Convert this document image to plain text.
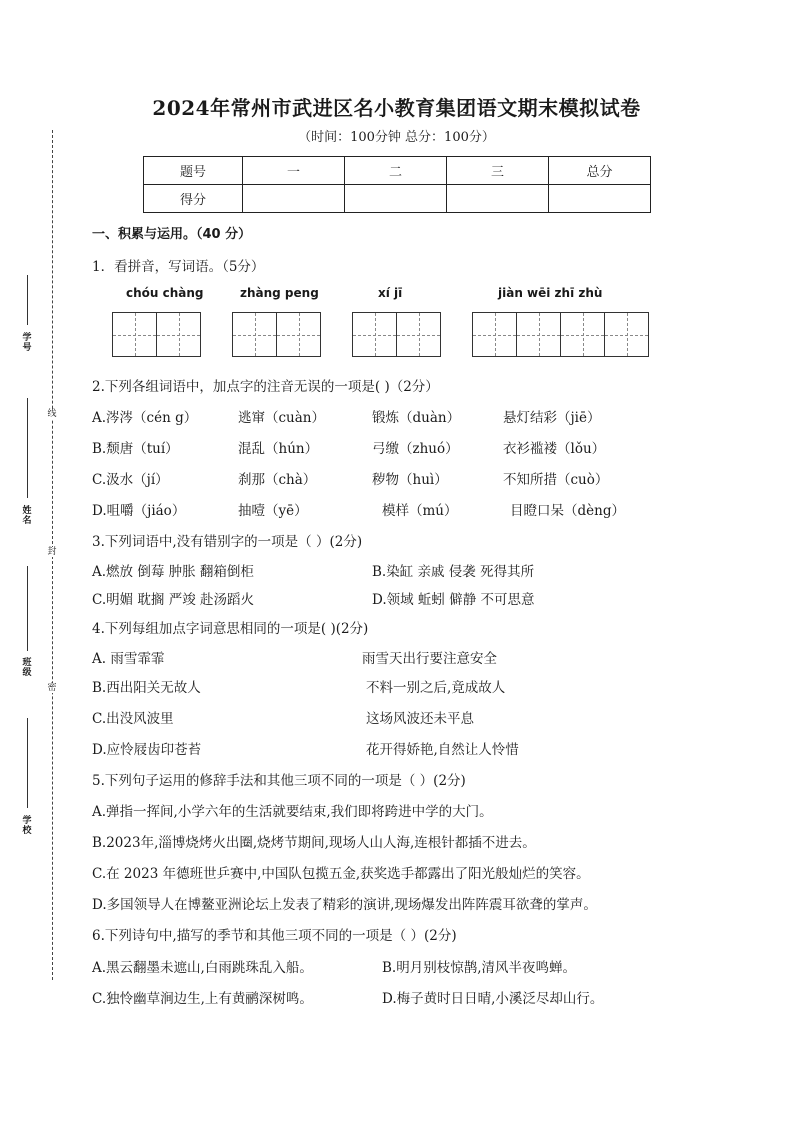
线
封
密
学号
姓名
班级
学校
2024年常州市武进区名小教育集团语文期末模拟试卷
（时间：100分钟 总分：100分）
题号	一	二	三	总分
得分				
一、积累与运用。（40 分）
1．看拼音，写词语。（5分）
chóu chàng	zhàng peng	xí jī	jiàn wēi zhī zhù
2.下列各组词语中，加点字的注音无误的一项是( )（2分）
A.涔涔（cén g）	逃窜（cuàn）	锻炼（duàn）	悬灯结彩（jiē）
B.颓唐（tuí）	混乱（hún）	弓缴（zhuó）	衣衫褴褛（lǒu）
C.汲水（jí）	刹那（chà）	秽物（huì）	不知所措（cuò）
D.咀嚼（jiáo）	抽噎（yē）	模样（mú）	目瞪口呆（dèng）
3.下列词语中,没有错别字的一项是（ ）(2分)
A.燃放 倒莓 肿胀 翻箱倒柜	B.染缸 亲戚 侵袭 死得其所
C.明媚 耽搁 严竣 赴汤蹈火	D.领域 蚯蚓 僻静 不可思意
4.下列每组加点字词意思相同的一项是( )(2分)
A. 雨雪霏霏	雨雪天出行要注意安全
B.西出阳关无故人	不料一别之后,竟成故人
C.出没风波里	这场风波还未平息
D.应怜屐齿印苍苔	花开得娇艳,自然让人怜惜
5.下列句子运用的修辞手法和其他三项不同的一项是（ ）(2分)
A.弹指一挥间,小学六年的生活就要结束,我们即将跨进中学的大门。
B.2023年,淄博烧烤火出圈,烧烤节期间,现场人山人海,连根针都插不进去。
C.在 2023 年德班世乒赛中,中国队包揽五金,获奖选手都露出了阳光般灿烂的笑容。
D.多国领导人在博鳌亚洲论坛上发表了精彩的演讲,现场爆发出阵阵震耳欲聋的掌声。
6.下列诗句中,描写的季节和其他三项不同的一项是（ ）(2分)
A.黑云翻墨未遮山,白雨跳珠乱入船。	B.明月别枝惊鹊,清风半夜鸣蝉。
C.独怜幽草涧边生,上有黄鹂深树鸣。	D.梅子黄时日日晴,小溪泛尽却山行。
